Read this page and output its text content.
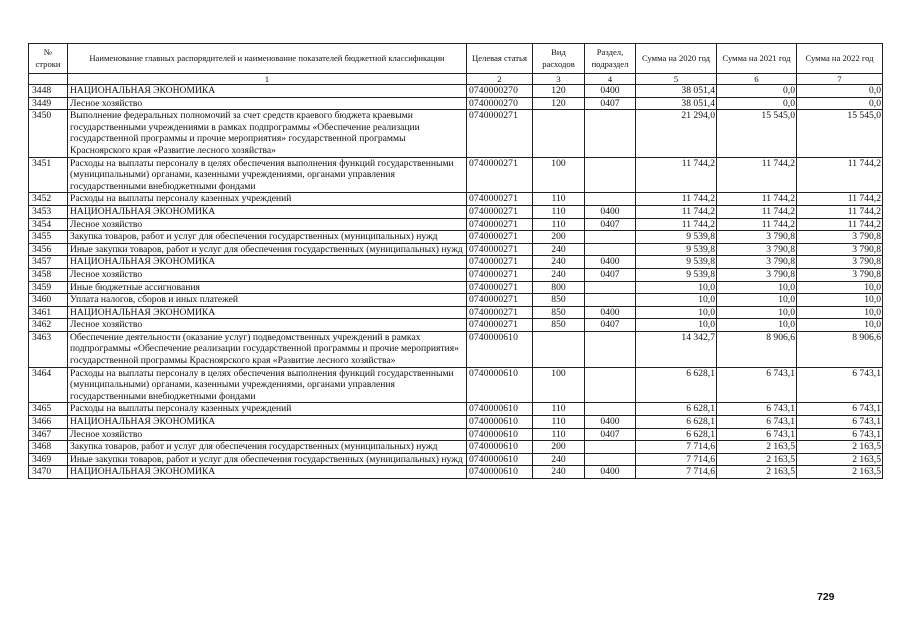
№ строки	Наименование главных распорядителей и наименование показателей бюджетной классификации	Целевая статья	Вид расходов	Раздел, подраздел	Сумма на 2020 год	Сумма на 2021 год	Сумма на 2022 год
	1	2	3	4	5	6	7
3448	НАЦИОНАЛЬНАЯ ЭКОНОМИКА	0740000270	120	0400	38 051,4	0,0	0,0
3449	Лесное хозяйство	0740000270	120	0407	38 051,4	0,0	0,0
3450	Выполнение федеральных полномочий за счет средств краевого бюджета краевыми государственными учреждениями в рамках подпрограммы «Обеспечение реализации государственной программы и прочие мероприятия» государственной программы Красноярского края «Развитие лесного хозяйства»	0740000271			21 294,0	15 545,0	15 545,0
3451	Расходы на выплаты персоналу в целях обеспечения выполнения функций государственными (муниципальными) органами, казенными учреждениями, органами управления государственными внебюджетными фондами	0740000271	100		11 744,2	11 744,2	11 744,2
3452	Расходы на выплаты персоналу казенных учреждений	0740000271	110		11 744,2	11 744,2	11 744,2
3453	НАЦИОНАЛЬНАЯ ЭКОНОМИКА	0740000271	110	0400	11 744,2	11 744,2	11 744,2
3454	Лесное хозяйство	0740000271	110	0407	11 744,2	11 744,2	11 744,2
3455	Закупка товаров, работ и услуг для обеспечения государственных (муниципальных) нужд	0740000271	200		9 539,8	3 790,8	3 790,8
3456	Иные закупки товаров, работ и услуг для обеспечения государственных (муниципальных) нужд	0740000271	240		9 539,8	3 790,8	3 790,8
3457	НАЦИОНАЛЬНАЯ ЭКОНОМИКА	0740000271	240	0400	9 539,8	3 790,8	3 790,8
3458	Лесное хозяйство	0740000271	240	0407	9 539,8	3 790,8	3 790,8
3459	Иные бюджетные ассигнования	0740000271	800		10,0	10,0	10,0
3460	Уплата налогов, сборов и иных платежей	0740000271	850		10,0	10,0	10,0
3461	НАЦИОНАЛЬНАЯ ЭКОНОМИКА	0740000271	850	0400	10,0	10,0	10,0
3462	Лесное хозяйство	0740000271	850	0407	10,0	10,0	10,0
3463	Обеспечение деятельности (оказание услуг) подведомственных учреждений в рамках подпрограммы «Обеспечение реализации государственной программы и прочие мероприятия» государственной программы Красноярского края «Развитие лесного хозяйства»	0740000610			14 342,7	8 906,6	8 906,6
3464	Расходы на выплаты персоналу в целях обеспечения выполнения функций государственными (муниципальными) органами, казенными учреждениями, органами управления государственными внебюджетными фондами	0740000610	100		6 628,1	6 743,1	6 743,1
3465	Расходы на выплаты персоналу казенных учреждений	0740000610	110		6 628,1	6 743,1	6 743,1
3466	НАЦИОНАЛЬНАЯ ЭКОНОМИКА	0740000610	110	0400	6 628,1	6 743,1	6 743,1
3467	Лесное хозяйство	0740000610	110	0407	6 628,1	6 743,1	6 743,1
3468	Закупка товаров, работ и услуг для обеспечения государственных (муниципальных) нужд	0740000610	200		7 714,6	2 163,5	2 163,5
3469	Иные закупки товаров, работ и услуг для обеспечения государственных (муниципальных) нужд	0740000610	240		7 714,6	2 163,5	2 163,5
3470	НАЦИОНАЛЬНАЯ ЭКОНОМИКА	0740000610	240	0400	7 714,6	2 163,5	2 163,5
729
